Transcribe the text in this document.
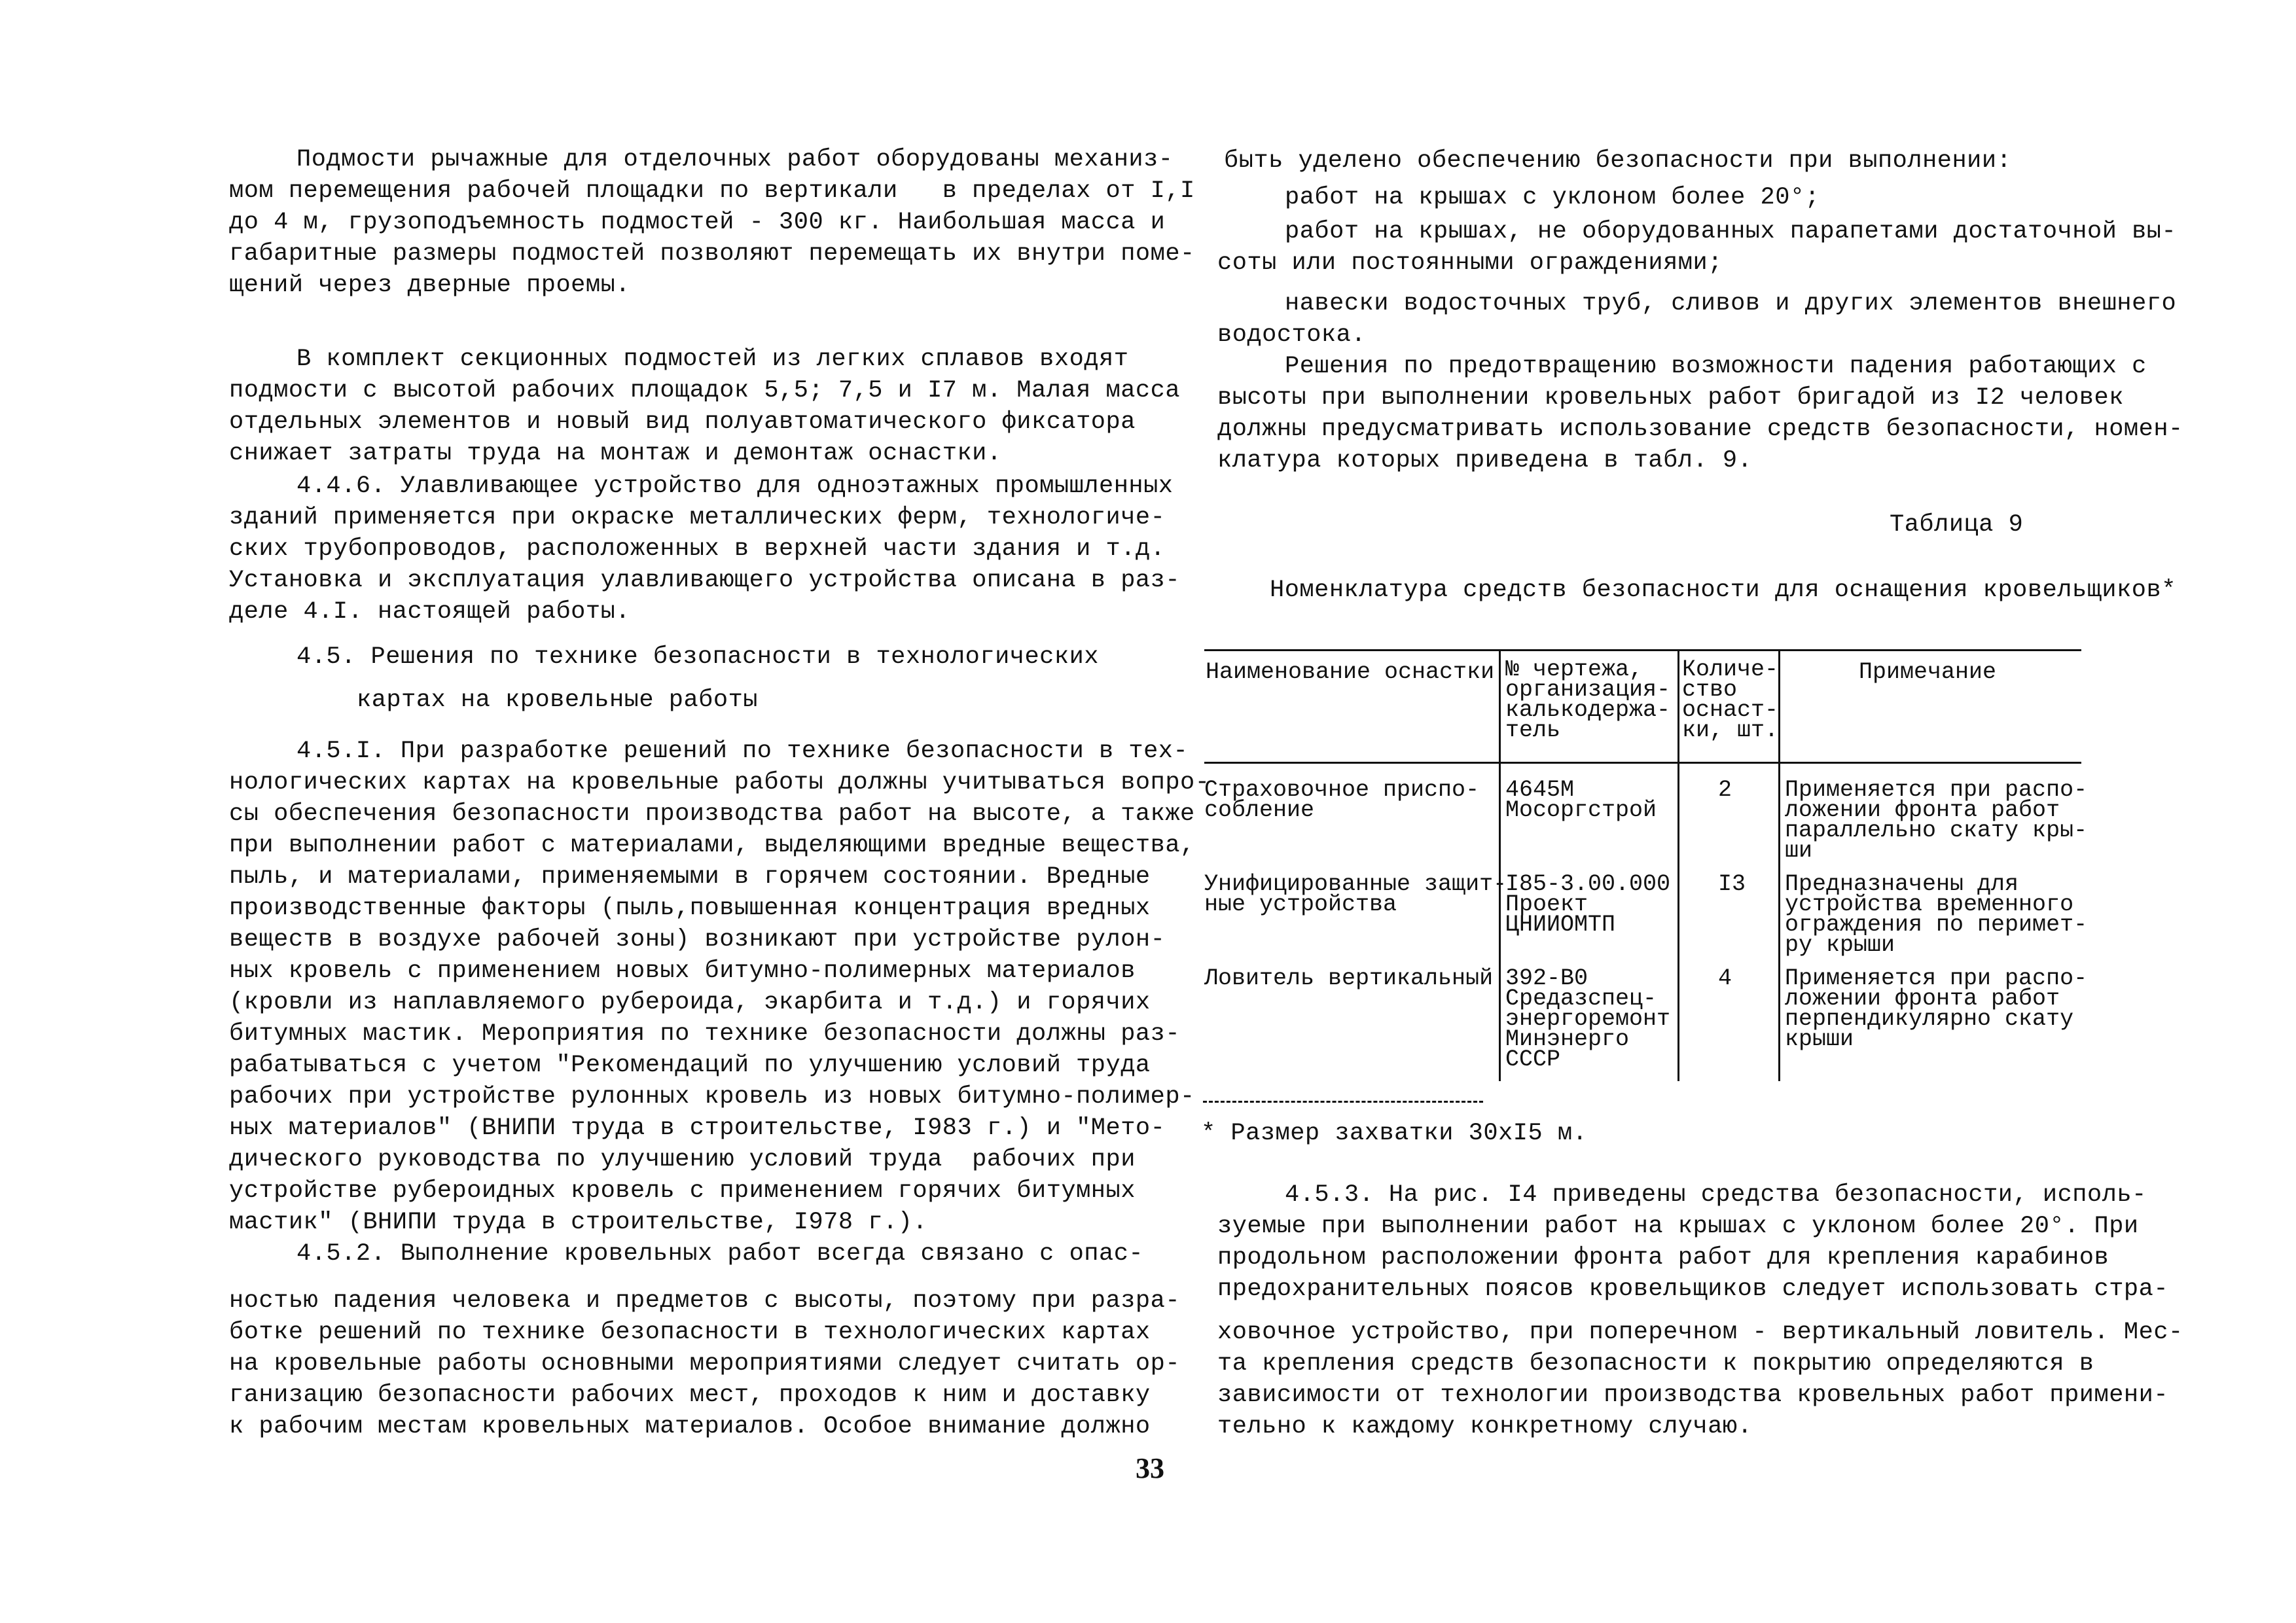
Подмости рычажные для отделочных работ оборудованы механиз-
мом перемещения рабочей площадки по вертикали   в пределах от I,I
до 4 м, грузоподъемность подмостей - 300 кг. Наибольшая масса и
габаритные размеры подмостей позволяют перемещать их внутри поме-
щений через дверные проемы.
В комплект секционных подмостей из легких сплавов входят
подмости с высотой рабочих площадок 5,5; 7,5 и I7 м. Малая масса
отдельных элементов и новый вид полуавтоматического фиксатора
снижает затраты труда на монтаж и демонтаж оснастки.
4.4.6. Улавливающее устройство для одноэтажных промышленных
зданий применяется при окраске металлических ферм, технологиче-
ских трубопроводов, расположенных в верхней части здания и т.д.
Установка и эксплуатация улавливающего устройства описана в раз-
деле 4.I. настоящей работы.
4.5. Решения по технике безопасности в технологических
картах на кровельные работы
4.5.I. При разработке решений по технике безопасности в тех-
нологических картах на кровельные работы должны учитываться вопро-
сы обеспечения безопасности производства работ на высоте, а также
при выполнении работ с материалами, выделяющими вредные вещества,
пыль, и материалами, применяемыми в горячем состоянии. Вредные
производственные факторы (пыль,повышенная концентрация вредных
веществ в воздухе рабочей зоны) возникают при устройстве рулон-
ных кровель с применением новых битумно-полимерных материалов
(кровли из наплавляемого рубероида, экарбита и т.д.) и горячих
битумных мастик. Мероприятия по технике безопасности должны раз-
рабатываться с учетом "Рекомендаций по улучшению условий труда
рабочих при устройстве рулонных кровель из новых битумно-полимер-
ных материалов" (ВНИПИ труда в строительстве, I983 г.) и "Мето-
дического руководства по улучшению условий труда  рабочих при
устройстве рубероидных кровель с применением горячих битумных
мастик" (ВНИПИ труда в строительстве, I978 г.).
4.5.2. Выполнение кровельных работ всегда связано с опас-
ностью падения человека и предметов с высоты, поэтому при разра-
ботке решений по технике безопасности в технологических картах
на кровельные работы основными мероприятиями следует считать ор-
ганизацию безопасности рабочих мест, проходов к ним и доставку
к рабочим местам кровельных материалов. Особое внимание должно
быть уделено обеспечению безопасности при выполнении:
работ на крышах с уклоном более 20°;
работ на крышах, не оборудованных парапетами достаточной вы-
соты или постоянными ограждениями;
навески водосточных труб, сливов и других элементов внешнего
водостока.
Решения по предотвращению возможности падения работающих с
высоты при выполнении кровельных работ бригадой из I2 человек
должны предусматривать использование средств безопасности, номен-
клатура которых приведена в табл. 9.
Таблица 9
Номенклатура средств безопасности для оснащения кровельщиков*
Наименование оснастки № чертежа,
организация-
калькодержа-
тель
Количе-
ство
оснаст-
ки, шт.
Примечание
Страховочное приспо-
собление
4645М
Мосоргстрой
2 Применяется при распо-
ложении фронта работ
параллельно скату кры-
ши
Унифицированные защит-
ные устройства
I85-3.00.000
Проект
ЦНИИОМТП
I3 Предназначены для
устройства временного
ограждения по перимет-
ру крыши
Ловитель вертикальный 392-В0
Средазспец-
энергоремонт
Минэнерго
СССР
4 Применяется при распо-
ложении фронта работ
перпендикулярно скату
крыши
* Размер захватки 30хI5 м.
4.5.3. На рис. I4 приведены средства безопасности, исполь-
зуемые при выполнении работ на крышах с уклоном более 20°. При
продольном расположении фронта работ для крепления карабинов
предохранительных поясов кровельщиков следует использовать стра-
ховочное устройство, при поперечном - вертикальный ловитель. Мес-
та крепления средств безопасности к покрытию определяются в
зависимости от технологии производства кровельных работ примени-
тельно к каждому конкретному случаю.
33
